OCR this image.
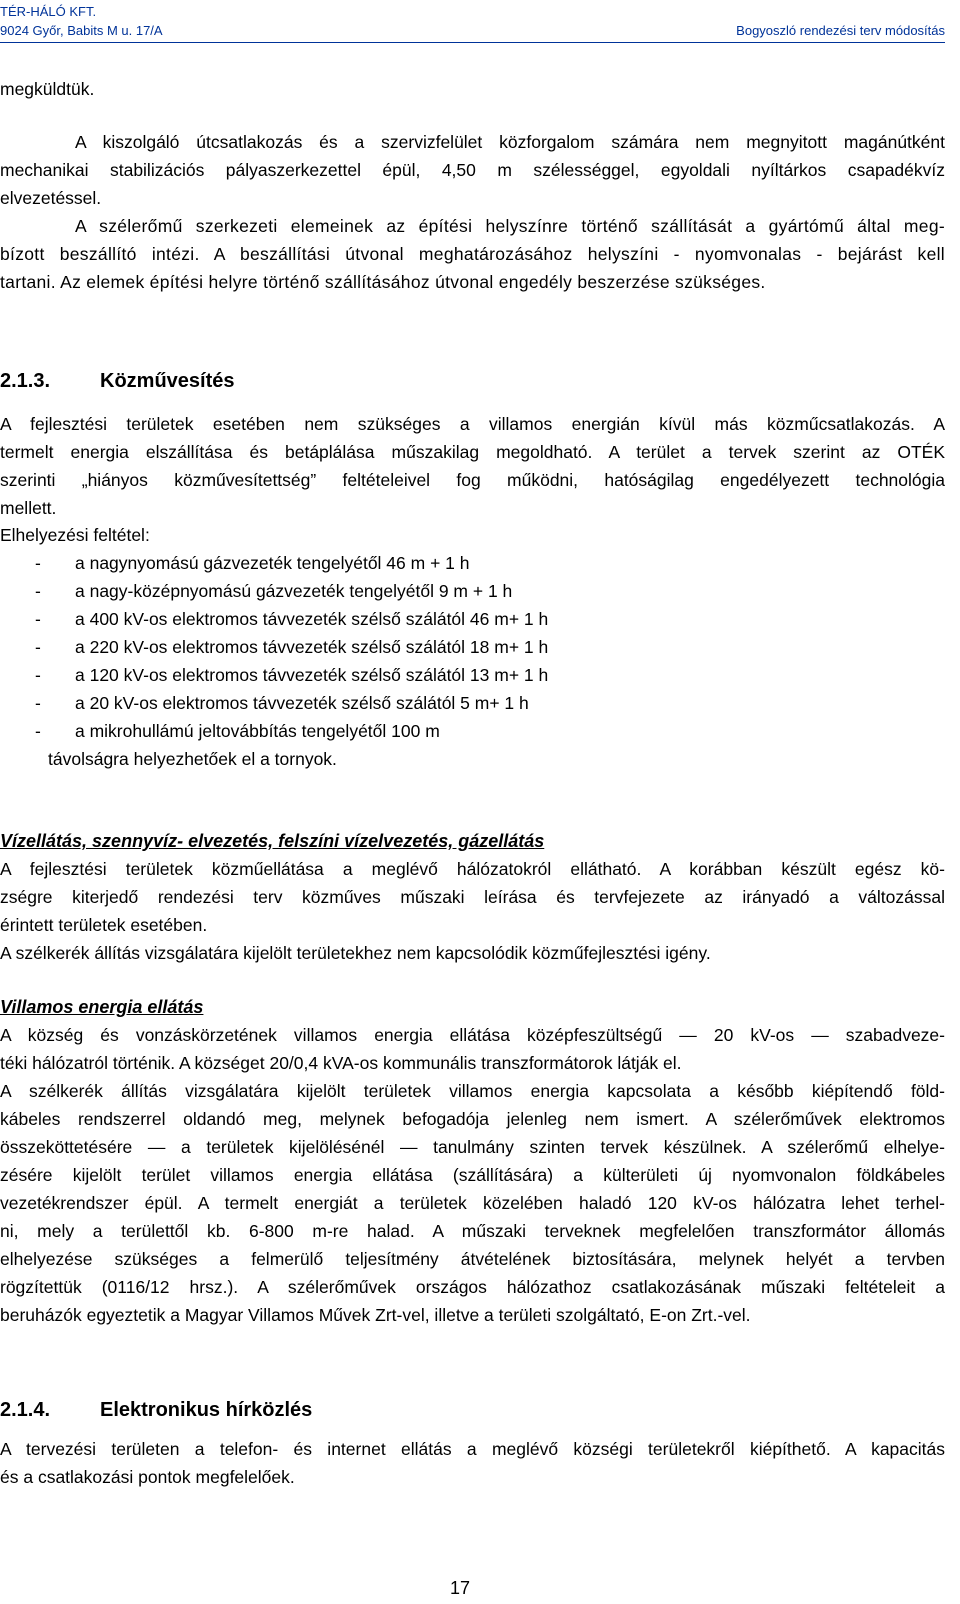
TÉR-HÁLÓ KFT.
9024 Győr, Babits M u. 17/A	Bogyoszló rendezési terv módosítás
megküldtük.
A kiszolgáló útcsatlakozás és a szervizfelület közforgalom számára nem megnyitott magánútként
mechanikai stabilizációs pályaszerkezettel épül, 4,50 m szélességgel, egyoldali nyíltárkos csapadékvíz
elvezetéssel.
A szélerőmű szerkezeti elemeinek az építési helyszínre történő szállítását a gyártómű által meg-
bízott beszállító intézi. A beszállítási útvonal meghatározásához helyszíni - nyomvonalas - bejárást kell
tartani. Az elemek építési helyre történő szállításához útvonal engedély beszerzése szükséges.
2.1.3. Közművesítés
A fejlesztési területek esetében nem szükséges a villamos energián kívül más közműcsatlakozás. A
termelt energia elszállítása és betáplálása műszakilag megoldható. A terület a tervek szerint az OTÉK
szerinti „hiányos közművesítettség” feltételeivel fog működni, hatóságilag engedélyezett technológia
mellett.
Elhelyezési feltétel:
- a nagynyomású gázvezeték tengelyétől 46 m + 1 h
- a nagy-középnyomású gázvezeték tengelyétől 9 m + 1 h
- a 400 kV-os elektromos távvezeték szélső szálától 46 m+ 1 h
- a 220 kV-os elektromos távvezeték szélső szálától 18 m+ 1 h
- a 120 kV-os elektromos távvezeték szélső szálától 13 m+ 1 h
- a 20 kV-os elektromos távvezeték szélső szálától 5 m+ 1 h
- a mikrohullámú jeltovábbítás tengelyétől 100 m
távolságra helyezhetőek el a tornyok.
Vízellátás, szennyvíz- elvezetés, felszíni vízelvezetés, gázellátás
A fejlesztési területek közműellátása a meglévő hálózatokról ellátható. A korábban készült egész kö-
zségre kiterjedő rendezési terv közműves műszaki leírása és tervfejezete az irányadó a változással
érintett területek esetében.
A szélkerék állítás vizsgálatára kijelölt területekhez nem kapcsolódik közműfejlesztési igény.
Villamos energia ellátás
A község és vonzáskörzetének villamos energia ellátása középfeszültségű — 20 kV-os — szabadveze-
téki hálózatról történik. A községet 20/0,4 kVA-os kommunális transzformátorok látják el.
A szélkerék állítás vizsgálatára kijelölt területek villamos energia kapcsolata a később kiépítendő föld-
kábeles rendszerrel oldandó meg, melynek befogadója jelenleg nem ismert. A szélerőművek elektromos
összeköttetésére — a területek kijelölésénél — tanulmány szinten tervek készülnek. A szélerőmű elhelye-
zésére kijelölt terület villamos energia ellátása (szállítására) a külterületi új nyomvonalon földkábeles
vezetékrendszer épül. A termelt energiát a területek közelében haladó 120 kV-os hálózatra lehet terhel-
ni, mely a területtől kb. 6-800 m-re halad. A műszaki terveknek megfelelően transzformátor állomás
elhelyezése szükséges a felmerülő teljesítmény átvételének biztosítására, melynek helyét a tervben
rögzítettük (0116/12 hrsz.). A szélerőművek országos hálózathoz csatlakozásának műszaki feltételeit a
beruházók egyeztetik a Magyar Villamos Művek Zrt-vel, illetve a területi szolgáltató, E-on Zrt.-vel.
2.1.4. Elektronikus hírközlés
A tervezési területen a telefon- és internet ellátás a meglévő községi területekről kiépíthető. A kapacitás
és a csatlakozási pontok megfelelőek.
17
